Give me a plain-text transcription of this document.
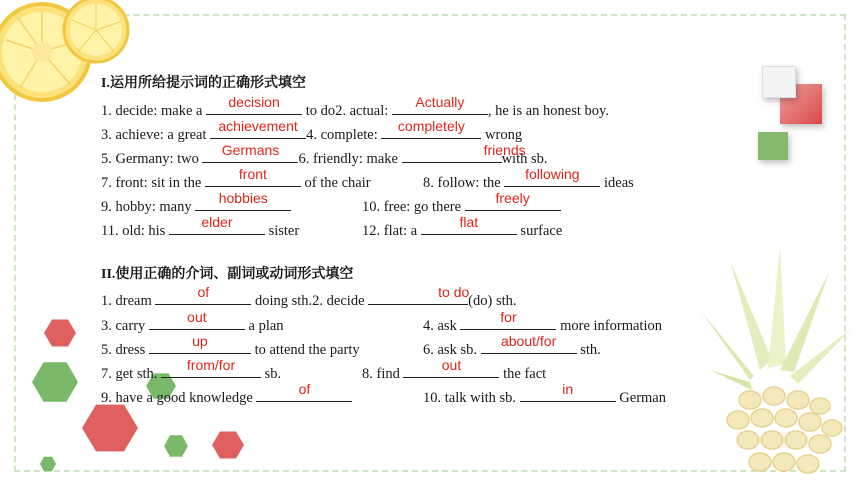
I.运用所给提示词的正确形式填空
1. decide: make a
decision
to do2. actual:
Actually
, he is an honest boy.
3. achieve: a great
achievement
4. complete:
completely
wrong
5. Germany: two
Germans
6. friendly: make
friends
with sb.
7. front: sit in the
front
of the chair	8. follow: the
following
ideas
9. hobby: many
hobbies
10. free: go there
freely
11. old: his
elder
sister	12. flat: a
flat
surface
II.使用正确的介词、副词或动词形式填空
1. dream
of
doing sth.2. decide
to do
(do) sth.
3. carry
out
a plan	4. ask
for
more information
5. dress
up
to attend the party	6. ask sb.
about/for
sth.
7. get sth.
from/for
sb.	8. find
out
the fact
9. have a good knowledge
of
10. talk with sb.
in
German
